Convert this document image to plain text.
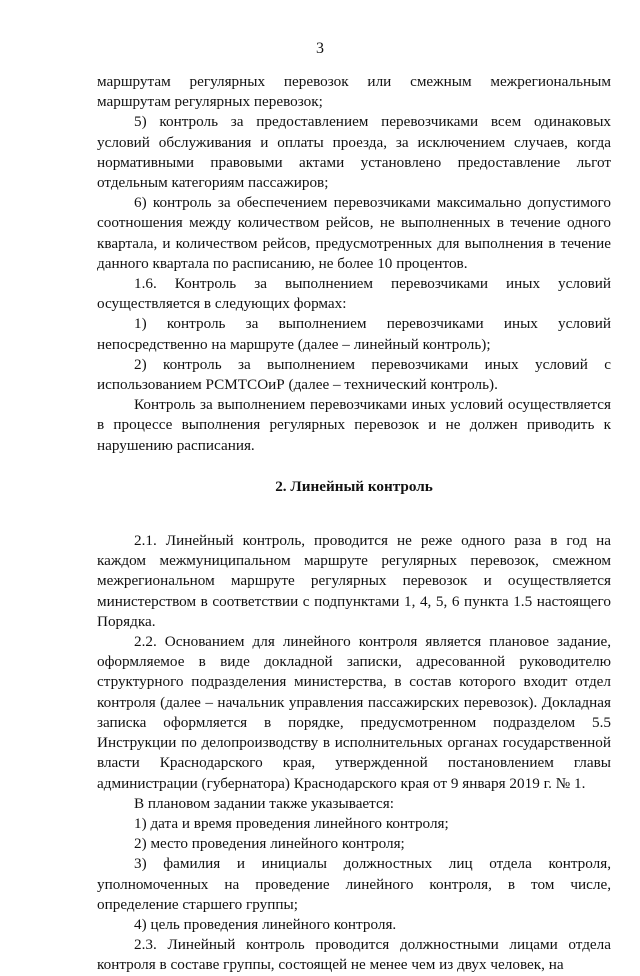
3

маршрутам регулярных перевозок или смежным межрегиональным маршрутам регулярных перевозок;

5) контроль за предоставлением перевозчиками всем одинаковых условий обслуживания и оплаты проезда, за исключением случаев, когда нормативными правовыми актами установлено предоставление льгот отдельным категориям пассажиров;

6) контроль за обеспечением перевозчиками максимально допустимого соотношения между количеством рейсов, не выполненных в течение одного квартала, и количеством рейсов, предусмотренных для выполнения в течение данного квартала по расписанию, не более 10 процентов.

1.6. Контроль за выполнением перевозчиками иных условий осуществляется в следующих формах:

1) контроль за выполнением перевозчиками иных условий непосредственно на маршруте (далее – линейный контроль);

2) контроль за выполнением перевозчиками иных условий с использованием РСМТСОиР (далее – технический контроль).

Контроль за выполнением перевозчиками иных условий осуществляется в процессе выполнения регулярных перевозок и не должен приводить к нарушению расписания.

2. Линейный контроль

2.1. Линейный контроль, проводится не реже одного раза в год на каждом межмуниципальном маршруте регулярных перевозок, смежном межрегиональном маршруте регулярных перевозок и осуществляется министерством в соответствии с подпунктами 1, 4, 5, 6 пункта 1.5 настоящего Порядка.

2.2. Основанием для линейного контроля является плановое задание, оформляемое в виде докладной записки, адресованной руководителю структурного подразделения министерства, в состав которого входит отдел контроля (далее – начальник управления пассажирских перевозок). Докладная записка оформляется в порядке, предусмотренном подразделом 5.5 Инструкции по делопроизводству в исполнительных органах государственной власти Краснодарского края, утвержденной постановлением главы администрации (губернатора) Краснодарского края от 9 января 2019 г. № 1.

В плановом задании также указывается:

1) дата и время проведения линейного контроля;

2) место проведения линейного контроля;

3) фамилия и инициалы должностных лиц отдела контроля, уполномоченных на проведение линейного контроля, в том числе, определение старшего группы;

4) цель проведения линейного контроля.

2.3. Линейный контроль проводится должностными лицами отдела контроля в составе группы, состоящей не менее чем из двух человек, на
